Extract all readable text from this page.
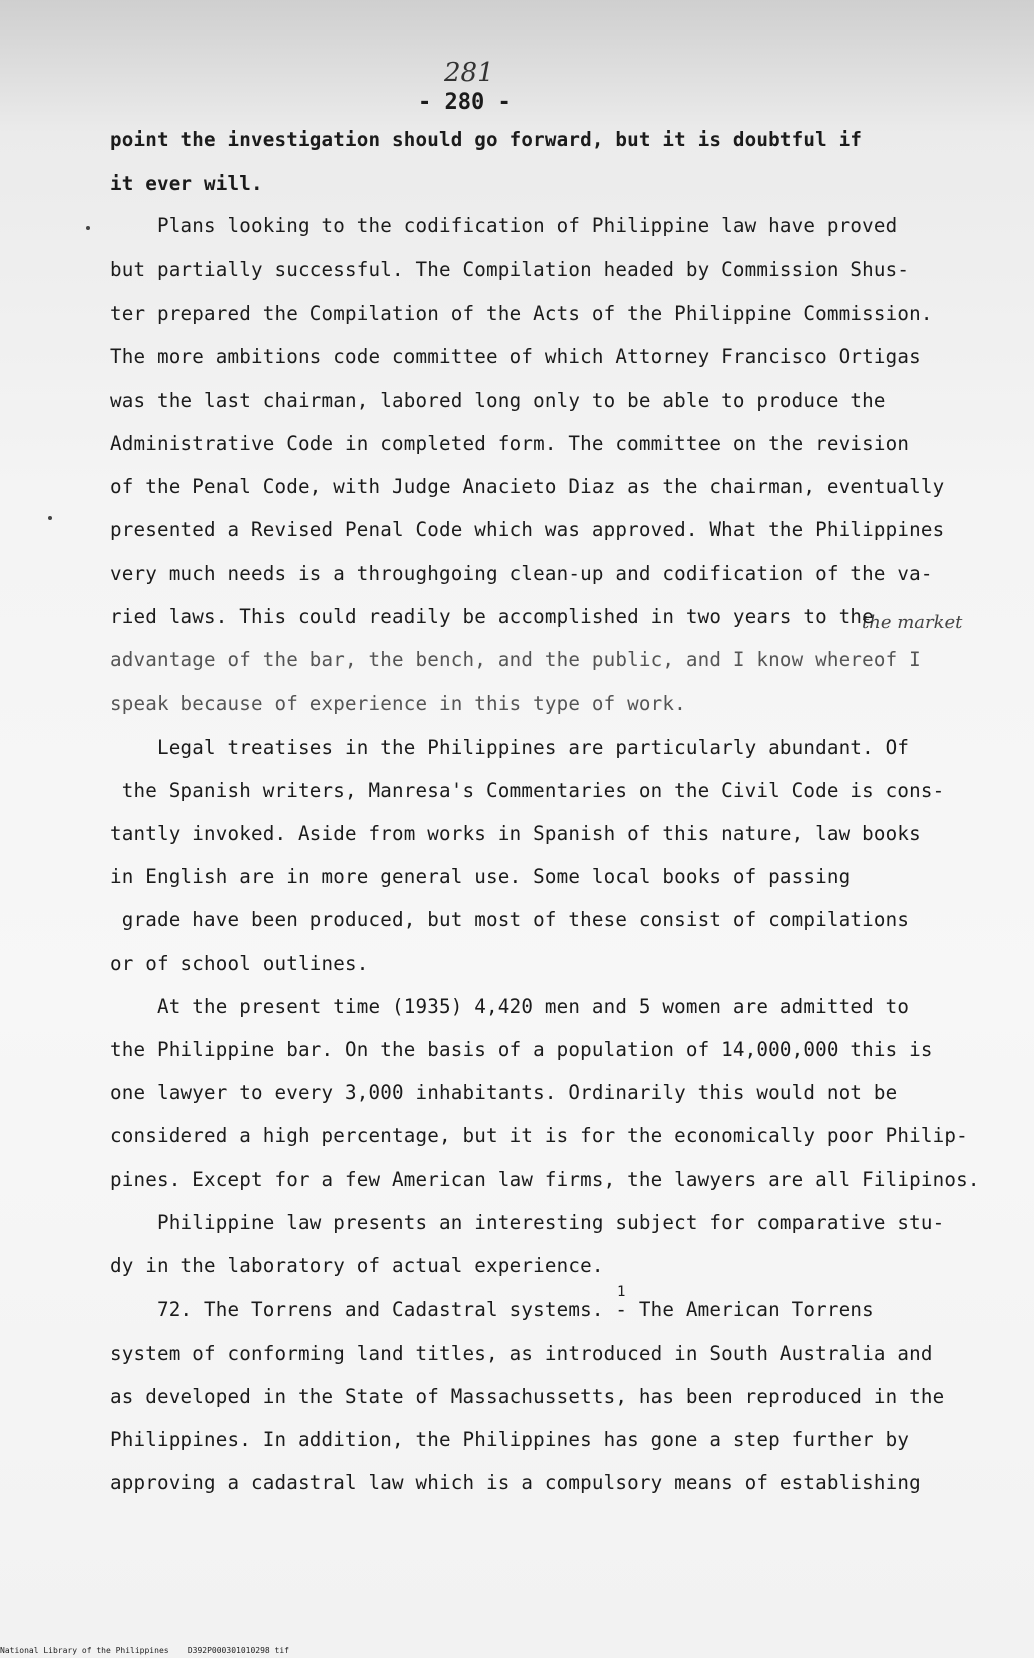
281
- 280 -
point the investigation should go forward, but it is doubtful if
it ever will.
Plans looking to the codification of Philippine law have proved
but partially successful. The Compilation headed by Commission Shus-
ter prepared the Compilation of the Acts of the Philippine Commission.
The more ambitions code committee of which Attorney Francisco Ortigas
was the last chairman, labored long only to be able to produce the
Administrative Code in completed form. The committee on the revision
of the Penal Code, with Judge Anacieto Diaz as the chairman, eventually
presented a Revised Penal Code which was approved. What the Philippines
very much needs is a throughgoing clean-up and codification of the va-
the market
ried laws. This could readily be accomplished in two years to the
advantage of the bar, the bench, and the public, and I know whereof I
speak because of experience in this type of work.
Legal treatises in the Philippines are particularly abundant. Of
the Spanish writers, Manresa's Commentaries on the Civil Code is cons-
tantly invoked. Aside from works in Spanish of this nature, law books
in English are in more general use. Some local books of passing
grade have been produced, but most of these consist of compilations
or of school outlines.
At the present time (1935) 4,420 men and 5 women are admitted to
the Philippine bar. On the basis of a population of 14,000,000 this is
one lawyer to every 3,000 inhabitants. Ordinarily this would not be
considered a high percentage, but it is for the economically poor Philip-
pines. Except for a few American law firms, the lawyers are all Filipinos.
Philippine law presents an interesting subject for comparative stu-
dy in the laboratory of actual experience.
72. The Torrens and Cadastral systems. - The American Torrens
1
system of conforming land titles, as introduced in South Australia and
as developed in the State of Massachussetts, has been reproduced in the
Philippines. In addition, the Philippines has gone a step further by
approving a cadastral law which is a compulsory means of establishing
National Library of the Philippines    D392P000301010298 tif
